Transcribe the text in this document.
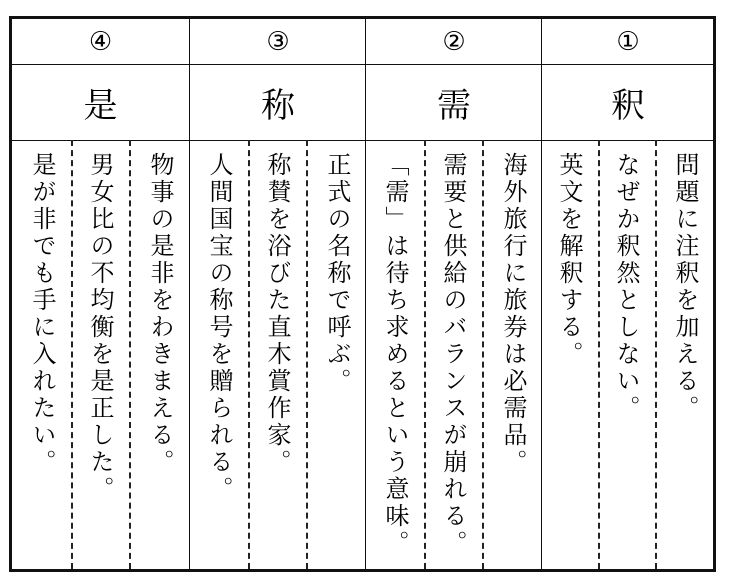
④
是
物事の是非をわきまえる。
男女比の不均衡を是正した。
是が非でも手に入れたい。
③
称
正式の名称で呼ぶ。
称賛を浴びた直木賞作家。
人間国宝の称号を贈られる。
②
需
海外旅行に旅券は必需品。
需要と供給のバランスが崩れる。
「需」は待ち求めるという意味。
①
釈
問題に注釈を加える。
なぜか釈然としない。
英文を解釈する。
